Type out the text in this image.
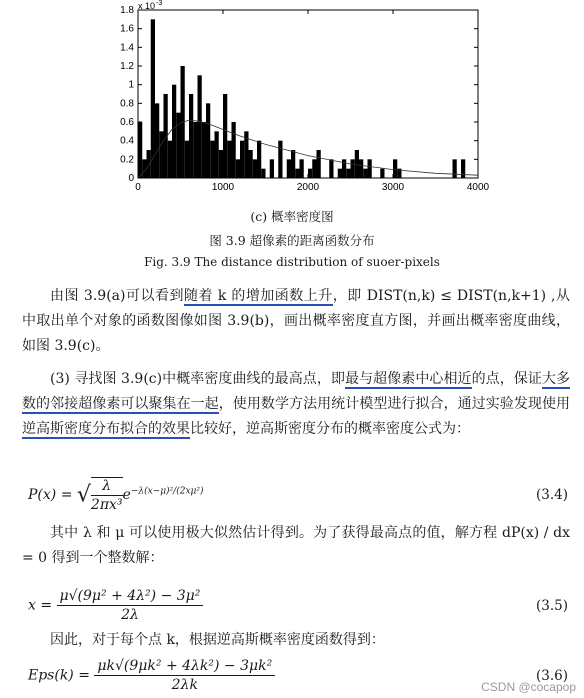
0	1000	2000	3000	4000
0
0.2
0.4
0.6
0.8
1
1.2
1.4
1.6
1.8 x 10 -3
(c) 概率密度图
图 3.9 超像素的距离函数分布
Fig. 3.9 The distance distribution of suoer-pixels

由图 3.9(a)可以看到随着 k 的增加函数上升，即 DIST(n,k) ≤ DIST(n,k+1) ,从中取出单个对象的函数图像如图 3.9(b)，画出概率密度直方图，并画出概率密度曲线，如图 3.9(c)。

(3) 寻找图 3.9(c)中概率密度曲线的最高点，即最与超像素中心相近的点，保证大多数的邻接超像素可以聚集在一起，使用数学方法用统计模型进行拟合，通过实验发现使用逆高斯密度分布拟合的效果比较好，逆高斯密度分布的概率密度公式为：

P(x) = √ $\frac{\lambda}{\text{2πx³}} e^{-\lambda(x-\mu)^2/(2x\mu^2)}$	(3.4)

其中 λ 和 μ 可以使用极大似然估计得到。为了获得最高点的值，解方程 dP(x) / dx = 0 得到一个整数解：

$x = \frac{\text{μ√(9μ² + 4λ²) − 3μ²}}{2\lambda}$	(3.5)

因此，对于每个点 k，根据逆高斯概率密度函数得到：

$Eps(k) = \frac{\text{μk√(9μk² + 4λk²) − 3μk²}}{2\lambda k}$	(3.6)
CSDN @cocapop
